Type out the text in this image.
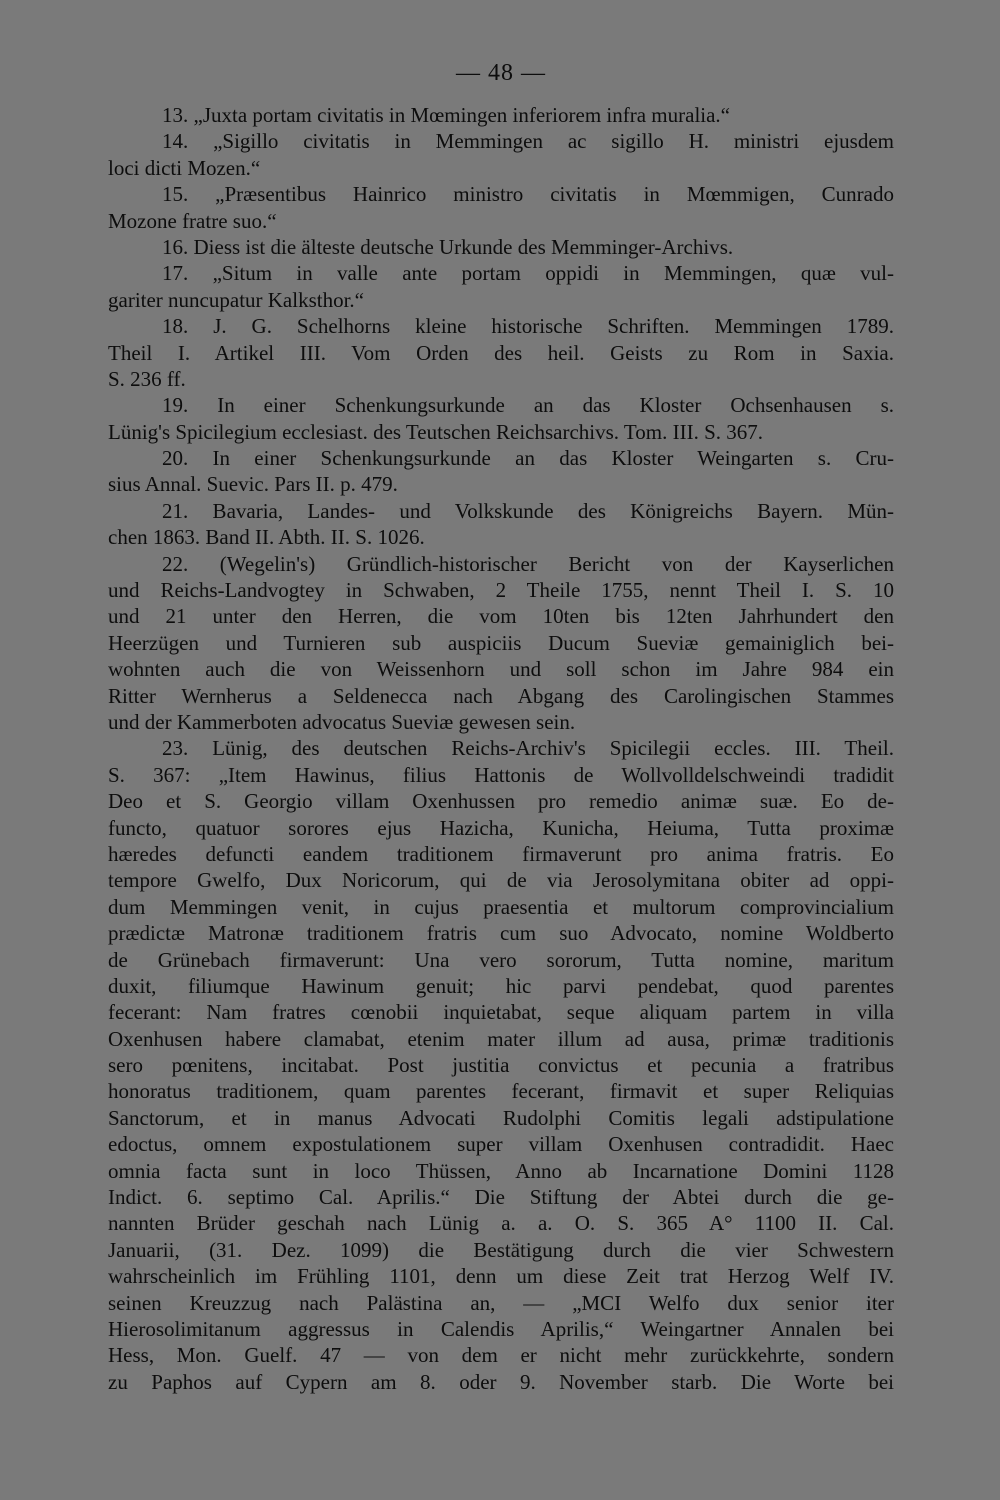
— 48 —
13. „Juxta portam civitatis in Mœmingen inferiorem infra muralia.“
14. „Sigillo civitatis in Memmingen ac sigillo H. ministri ejusdem
loci dicti Mozen.“
15. „Præsentibus Hainrico ministro civitatis in Mœmmigen, Cunrado
Mozone fratre suo.“
16. Diess ist die älteste deutsche Urkunde des Memminger-Archivs.
17. „Situm in valle ante portam oppidi in Memmingen, quæ vul-
gariter nuncupatur Kalksthor.“
18. J. G. Schelhorns kleine historische Schriften. Memmingen 1789.
Theil I. Artikel III. Vom Orden des heil. Geists zu Rom in Saxia.
S. 236 ff.
19. In einer Schenkungsurkunde an das Kloster Ochsenhausen s.
Lünig's Spicilegium ecclesiast. des Teutschen Reichsarchivs. Tom. III. S. 367.
20. In einer Schenkungsurkunde an das Kloster Weingarten s. Cru-
sius Annal. Suevic. Pars II. p. 479.
21. Bavaria, Landes- und Volkskunde des Königreichs Bayern. Mün-
chen 1863. Band II. Abth. II. S. 1026.
22. (Wegelin's) Gründlich-historischer Bericht von der Kayserlichen
und Reichs-Landvogtey in Schwaben, 2 Theile 1755, nennt Theil I. S. 10
und 21 unter den Herren, die vom 10ten bis 12ten Jahrhundert den
Heerzügen und Turnieren sub auspiciis Ducum Sueviæ gemainiglich bei-
wohnten auch die von Weissenhorn und soll schon im Jahre 984 ein
Ritter Wernherus a Seldenecca nach Abgang des Carolingischen Stammes
und der Kammerboten advocatus Sueviæ gewesen sein.
23. Lünig, des deutschen Reichs-Archiv's Spicilegii eccles. III. Theil.
S. 367: „Item Hawinus, filius Hattonis de Wollvolldelschweindi tradidit
Deo et S. Georgio villam Oxenhussen pro remedio animæ suæ. Eo de-
functo, quatuor sorores ejus Hazicha, Kunicha, Heiuma, Tutta proximæ
hæredes defuncti eandem traditionem firmaverunt pro anima fratris. Eo
tempore Gwelfo, Dux Noricorum, qui de via Jerosolymitana obiter ad oppi-
dum Memmingen venit, in cujus praesentia et multorum comprovincialium
prædictæ Matronæ traditionem fratris cum suo Advocato, nomine Woldberto
de Grünebach firmaverunt: Una vero sororum, Tutta nomine, maritum
duxit, filiumque Hawinum genuit; hic parvi pendebat, quod parentes
fecerant: Nam fratres cœnobii inquietabat, seque aliquam partem in villa
Oxenhusen habere clamabat, etenim mater illum ad ausa, primæ traditionis
sero pœnitens, incitabat. Post justitia convictus et pecunia a fratribus
honoratus traditionem, quam parentes fecerant, firmavit et super Reliquias
Sanctorum, et in manus Advocati Rudolphi Comitis legali adstipulatione
edoctus, omnem expostulationem super villam Oxenhusen contradidit. Haec
omnia facta sunt in loco Thüssen, Anno ab Incarnatione Domini 1128
Indict. 6. septimo Cal. Aprilis.“ Die Stiftung der Abtei durch die ge-
nannten Brüder geschah nach Lünig a. a. O. S. 365 A° 1100 II. Cal.
Januarii, (31. Dez. 1099) die Bestätigung durch die vier Schwestern
wahrscheinlich im Frühling 1101, denn um diese Zeit trat Herzog Welf IV.
seinen Kreuzzug nach Palästina an, — „MCI Welfo dux senior iter
Hierosolimitanum aggressus in Calendis Aprilis,“ Weingartner Annalen bei
Hess, Mon. Guelf. 47 — von dem er nicht mehr zurückkehrte, sondern
zu Paphos auf Cypern am 8. oder 9. November starb. Die Worte bei
